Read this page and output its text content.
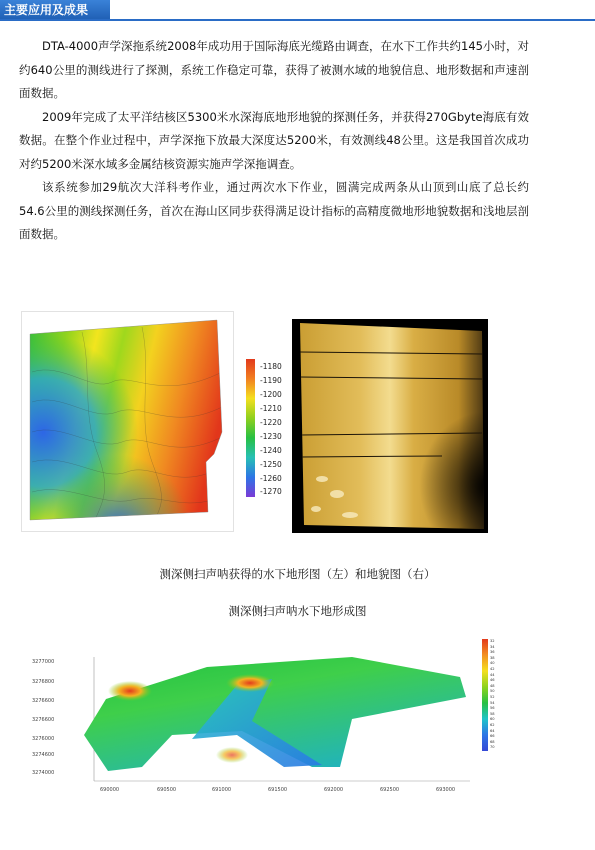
主要应用及成果

DTA-4000声学深拖系统2008年成功用于国际海底光缆路由调查，在水下工作共约145小时，对约640公里的测线进行了探测，系统工作稳定可靠，获得了被测水域的地貌信息、地形数据和声速剖面数据。

2009年完成了太平洋结核区5300米水深海底地形地貌的探测任务，并获得270Gbyte海底有效数据。在整个作业过程中，声学深拖下放最大深度达5200米，有效测线48公里。这是我国首次成功对约5200米深水域多金属结核资源实施声学深拖调查。

该系统参加29航次大洋科考作业，通过两次水下作业，圆满完成两条从山顶到山底了总长约54.6公里的测线探测任务，首次在海山区同步获得满足设计指标的高精度微地形地貌数据和浅地层剖面数据。

-1180
-1190
-1200
-1210
-1220
-1230
-1240
-1250
-1260
-1270
测深侧扫声呐获得的水下地形图（左）和地貌图（右）
测深侧扫声呐水下地形成图
3277000
3276800
3276600
3276600
3276000
3274600
3274000
690000	690500	691000	691500	692000	692500	693000
32
34
36
38
40
42
44
46
48
50
52
54
56
58
60
62
64
66
68
70
